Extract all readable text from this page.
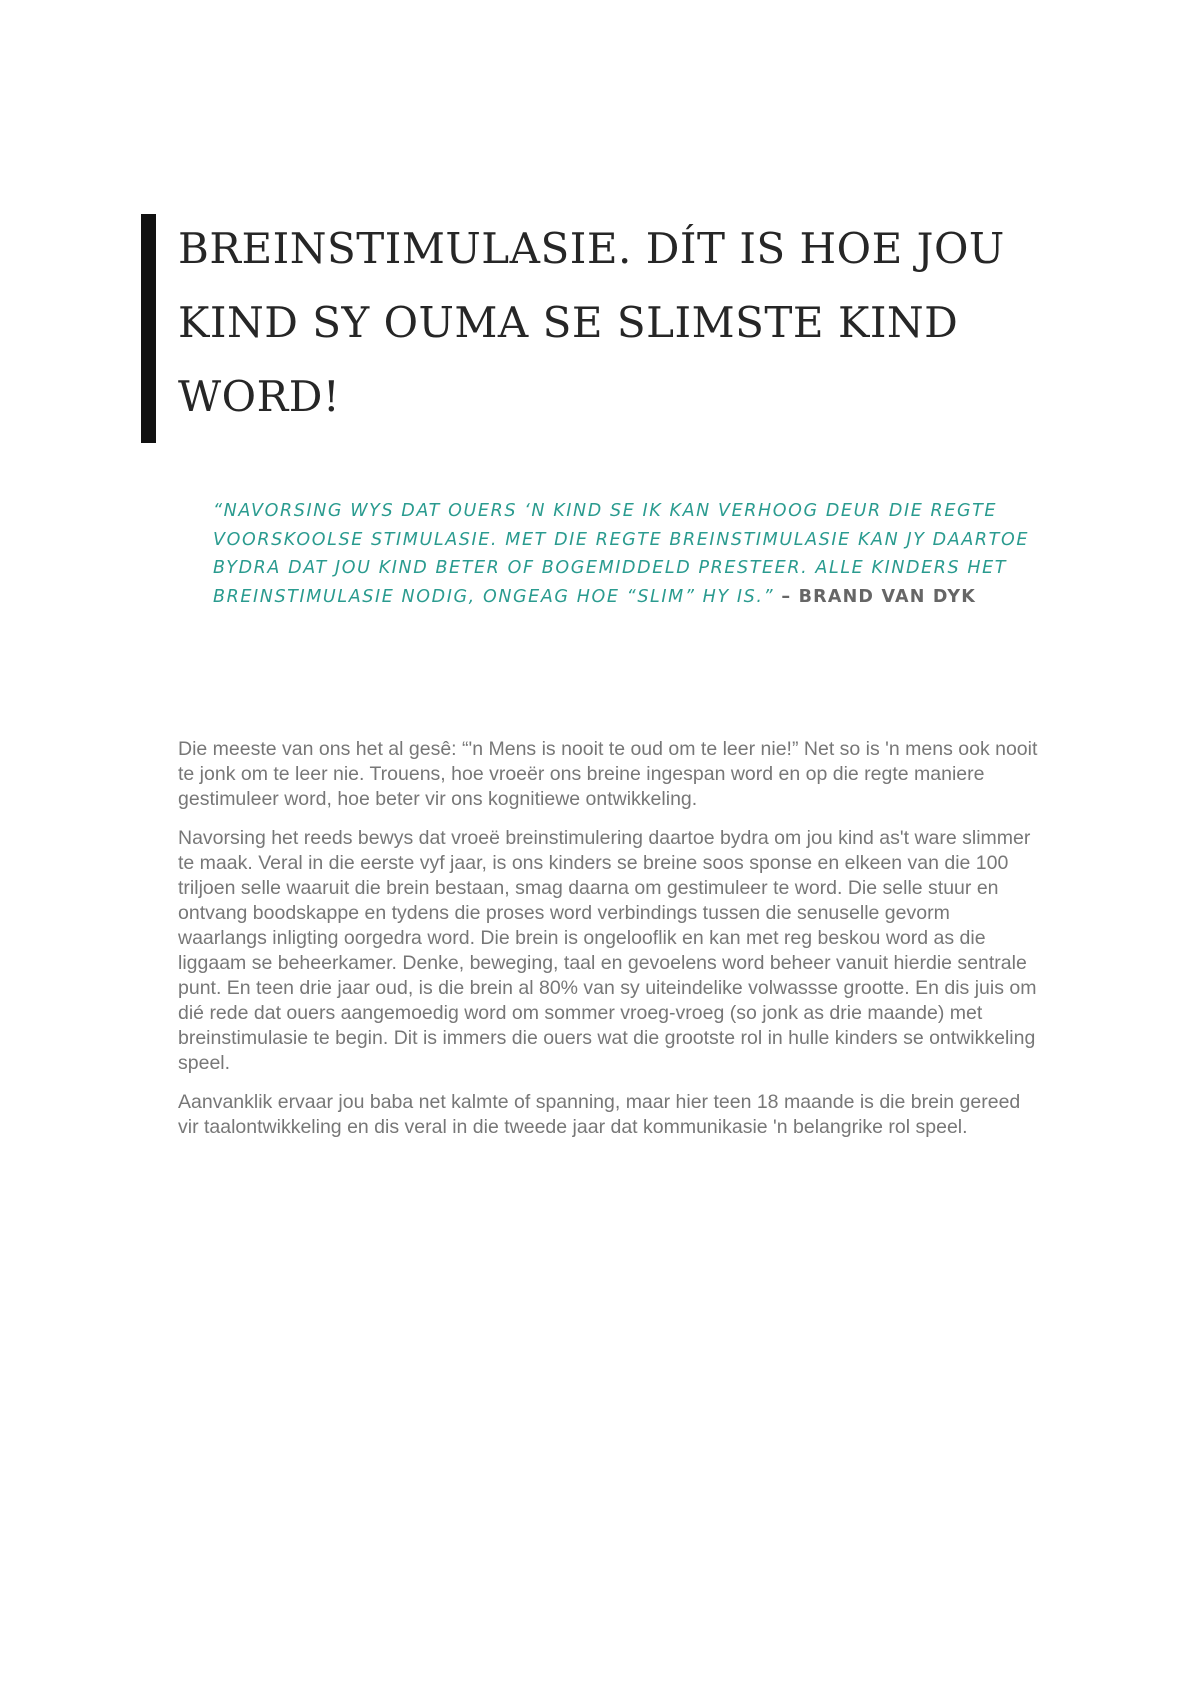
BREINSTIMULASIE. DÍT IS HOE JOU KIND SY OUMA SE SLIMSTE KIND WORD!

“NAVORSING WYS DAT OUERS ‘N KIND SE IK KAN VERHOOG DEUR DIE REGTE VOORSKOOLSE STIMULASIE. MET DIE REGTE BREINSTIMULASIE KAN JY DAARTOE BYDRA DAT JOU KIND BETER OF BOGEMIDDELD PRESTEER. ALLE KINDERS HET BREINSTIMULASIE NODIG, ONGEAG HOE “SLIM” HY IS.” – BRAND VAN DYK

Die meeste van ons het al gesê: “'n Mens is nooit te oud om te leer nie!” Net so is 'n mens ook nooit te jonk om te leer nie. Trouens, hoe vroeër ons breine ingespan word en op die regte maniere gestimuleer word, hoe beter vir ons kognitiewe ontwikkeling.

Navorsing het reeds bewys dat vroeë breinstimulering daartoe bydra om jou kind as't ware slimmer te maak. Veral in die eerste vyf jaar, is ons kinders se breine soos sponse en elkeen van die 100 triljoen selle waaruit die brein bestaan, smag daarna om gestimuleer te word. Die selle stuur en ontvang boodskappe en tydens die proses word verbindings tussen die senuselle gevorm waarlangs inligting oorgedra word. Die brein is ongelooflik en kan met reg beskou word as die liggaam se beheerkamer. Denke, beweging, taal en gevoelens word beheer vanuit hierdie sentrale punt. En teen drie jaar oud, is die brein al 80% van sy uiteindelike volwassse grootte. En dis juis om dié rede dat ouers aangemoedig word om sommer vroeg-vroeg (so jonk as drie maande) met breinstimulasie te begin. Dit is immers die ouers wat die grootste rol in hulle kinders se ontwikkeling speel.

Aanvanklik ervaar jou baba net kalmte of spanning, maar hier teen 18 maande is die brein gereed vir taalontwikkeling en dis veral in die tweede jaar dat kommunikasie 'n belangrike rol speel.
